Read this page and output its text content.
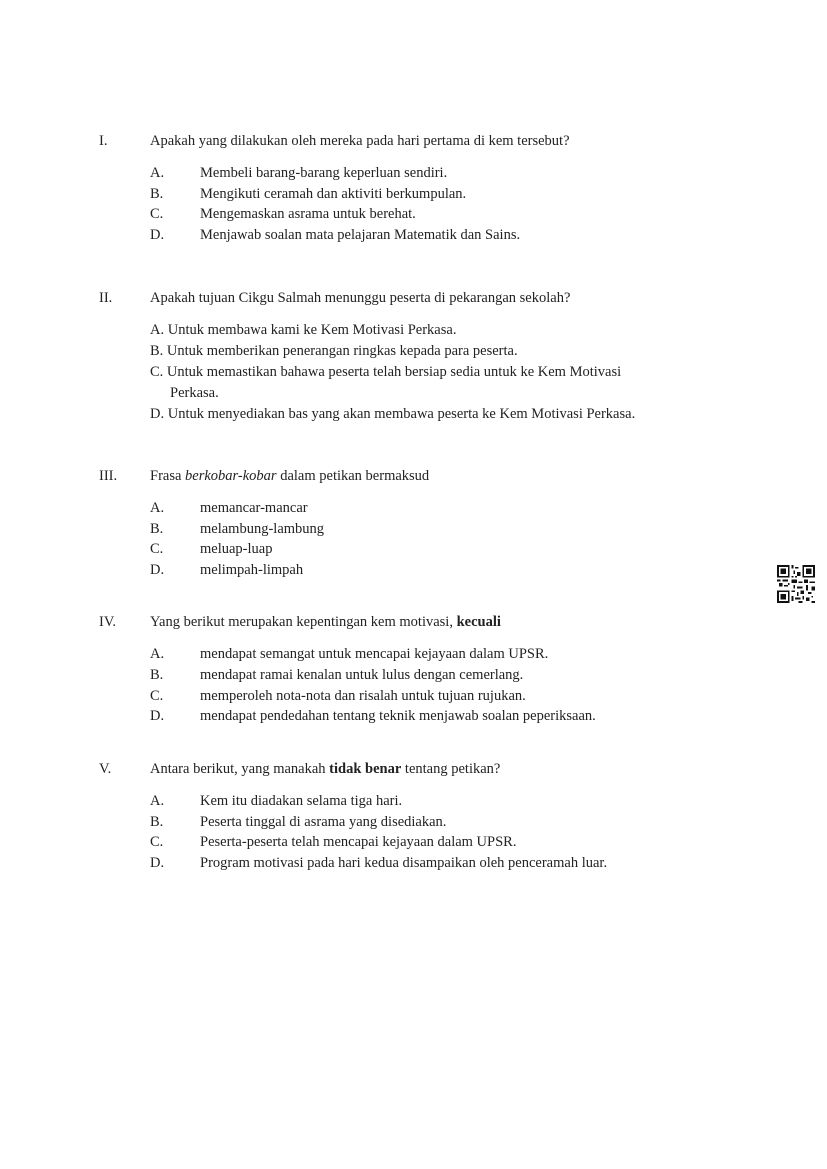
I.	Apakah yang dilakukan oleh mereka pada hari pertama di kem tersebut?
A. Membeli barang-barang keperluan sendiri.
B.	Mengikuti ceramah dan aktiviti berkumpulan.
C.	Mengemaskan asrama untuk berehat.
D. Menjawab soalan mata pelajaran Matematik dan Sains.
II.	Apakah tujuan Cikgu Salmah menunggu peserta di pekarangan sekolah?
A. Untuk membawa kami ke Kem Motivasi Perkasa.
B. Untuk memberikan penerangan ringkas kepada para peserta.
C. Untuk memastikan bahawa peserta telah bersiap sedia untuk ke Kem Motivasi
Perkasa.
D. Untuk menyediakan bas yang akan membawa peserta ke Kem Motivasi Perkasa.
III. Frasa berkobar-kobar dalam petikan bermaksud
A. memancar-mancar
B.	melambung-lambung
C.	meluap-luap
D. melimpah-limpah
IV. Yang berikut merupakan kepentingan kem motivasi, kecuali
A. mendapat semangat untuk mencapai kejayaan dalam UPSR.
B.	mendapat ramai kenalan untuk lulus dengan cemerlang.
C.	memperoleh nota-nota dan risalah untuk tujuan rujukan.
D. mendapat pendedahan tentang teknik menjawab soalan peperiksaan.
V.	Antara berikut, yang manakah tidak benar tentang petikan?
A. Kem itu diadakan selama tiga hari.
B.	Peserta tinggal di asrama yang disediakan.
C.	Peserta-peserta telah mencapai kejayaan dalam UPSR.
D. Program motivasi pada hari kedua disampaikan oleh penceramah luar.
